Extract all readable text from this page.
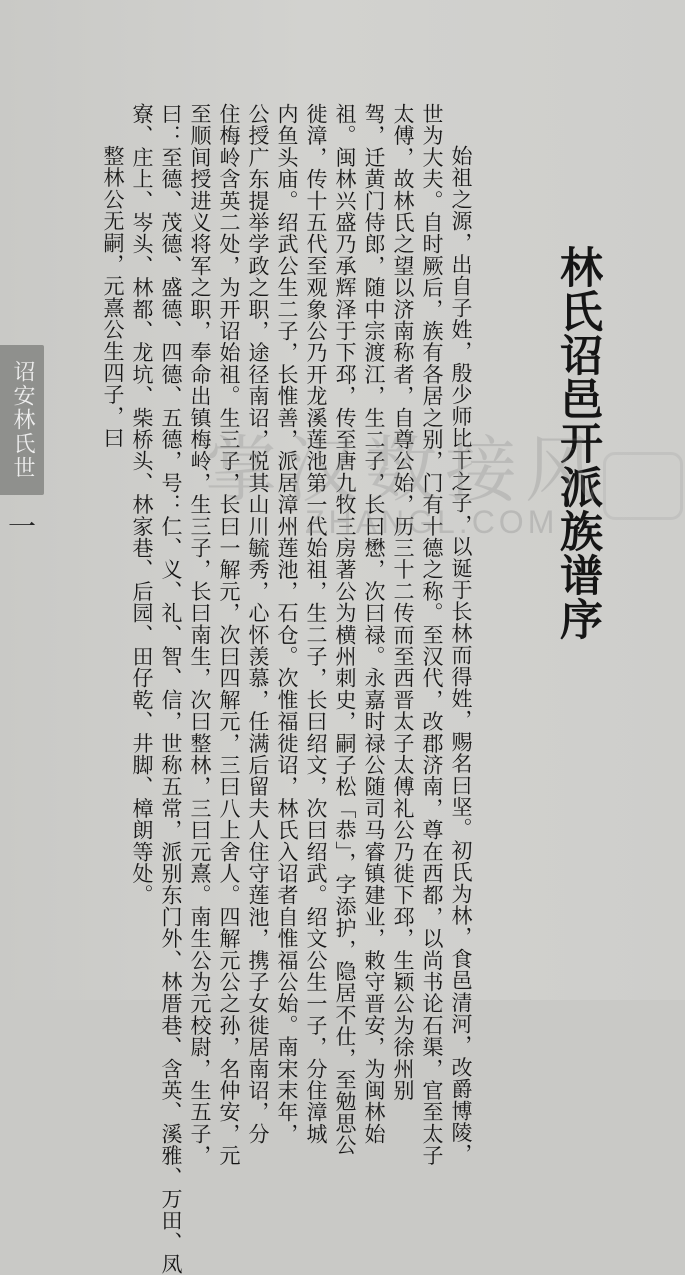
诏安林氏世
一	林氏诏邑开派族谱序

始祖之源，出自子姓，殷少师比干之子，以诞于长林而得姓，赐名曰坚。初氏为林，食邑清河，改爵博陵，

世为大夫。自时厥后，族有各居之别，门有十德之称。至汉代，改郡济南，尊在西都，以尚书论石渠，官至太子

太傅，故林氏之望以济南称者，自尊公始，历三十二传而至西晋太子太傅礼公乃徙下邳，生颖公为徐州别

驾，迁黄门侍郎，随中宗渡江，生二子，长曰懋，次曰禄。永嘉时禄公随司马睿镇建业，敕守晋安，为闽林始

祖。闽林兴盛乃承辉泽于下邳，传至唐九牧三房著公为横州刺史，嗣子松「恭」，字添护，隐居不仕，至勉思公

徙漳，传十五代至观象公乃开龙溪莲池第一代始祖，生二子，长曰绍文，次曰绍武。绍文公生一子，分住漳城

内鱼头庙。绍武公生二子，长惟善，派居漳州莲池，石仓。次惟福徙诏，林氏入诏者自惟福公始。南宋末年，

公授广东提举学政之职，途径南诏，悦其山川毓秀，心怀羡慕，任满后留夫人住守莲池，携子女徙居南诏，分

住梅岭含英二处，为开诏始祖。生三子，长曰一解元，次曰四解元，三曰八上舍人。四解元公之孙，名仲安，元

至顺间授进义将军之职，奉命出镇梅岭，生三子，长曰南生，次曰整林，三曰元熹。南生公为元校尉，生五子，

曰：至德、茂德、盛德、四德、五德，号：仁、义、礼、智、信，世称五常，派别东门外、林厝巷、含英、溪雅、万田、凤

寮、庄上、岑头、林都、龙坑、柴桥头、林家巷、后园、田仔乾、井脚、樟朗等处。

整林公无嗣，元熹公生四子，曰

掌汉数接风
ZHANGL.COM
